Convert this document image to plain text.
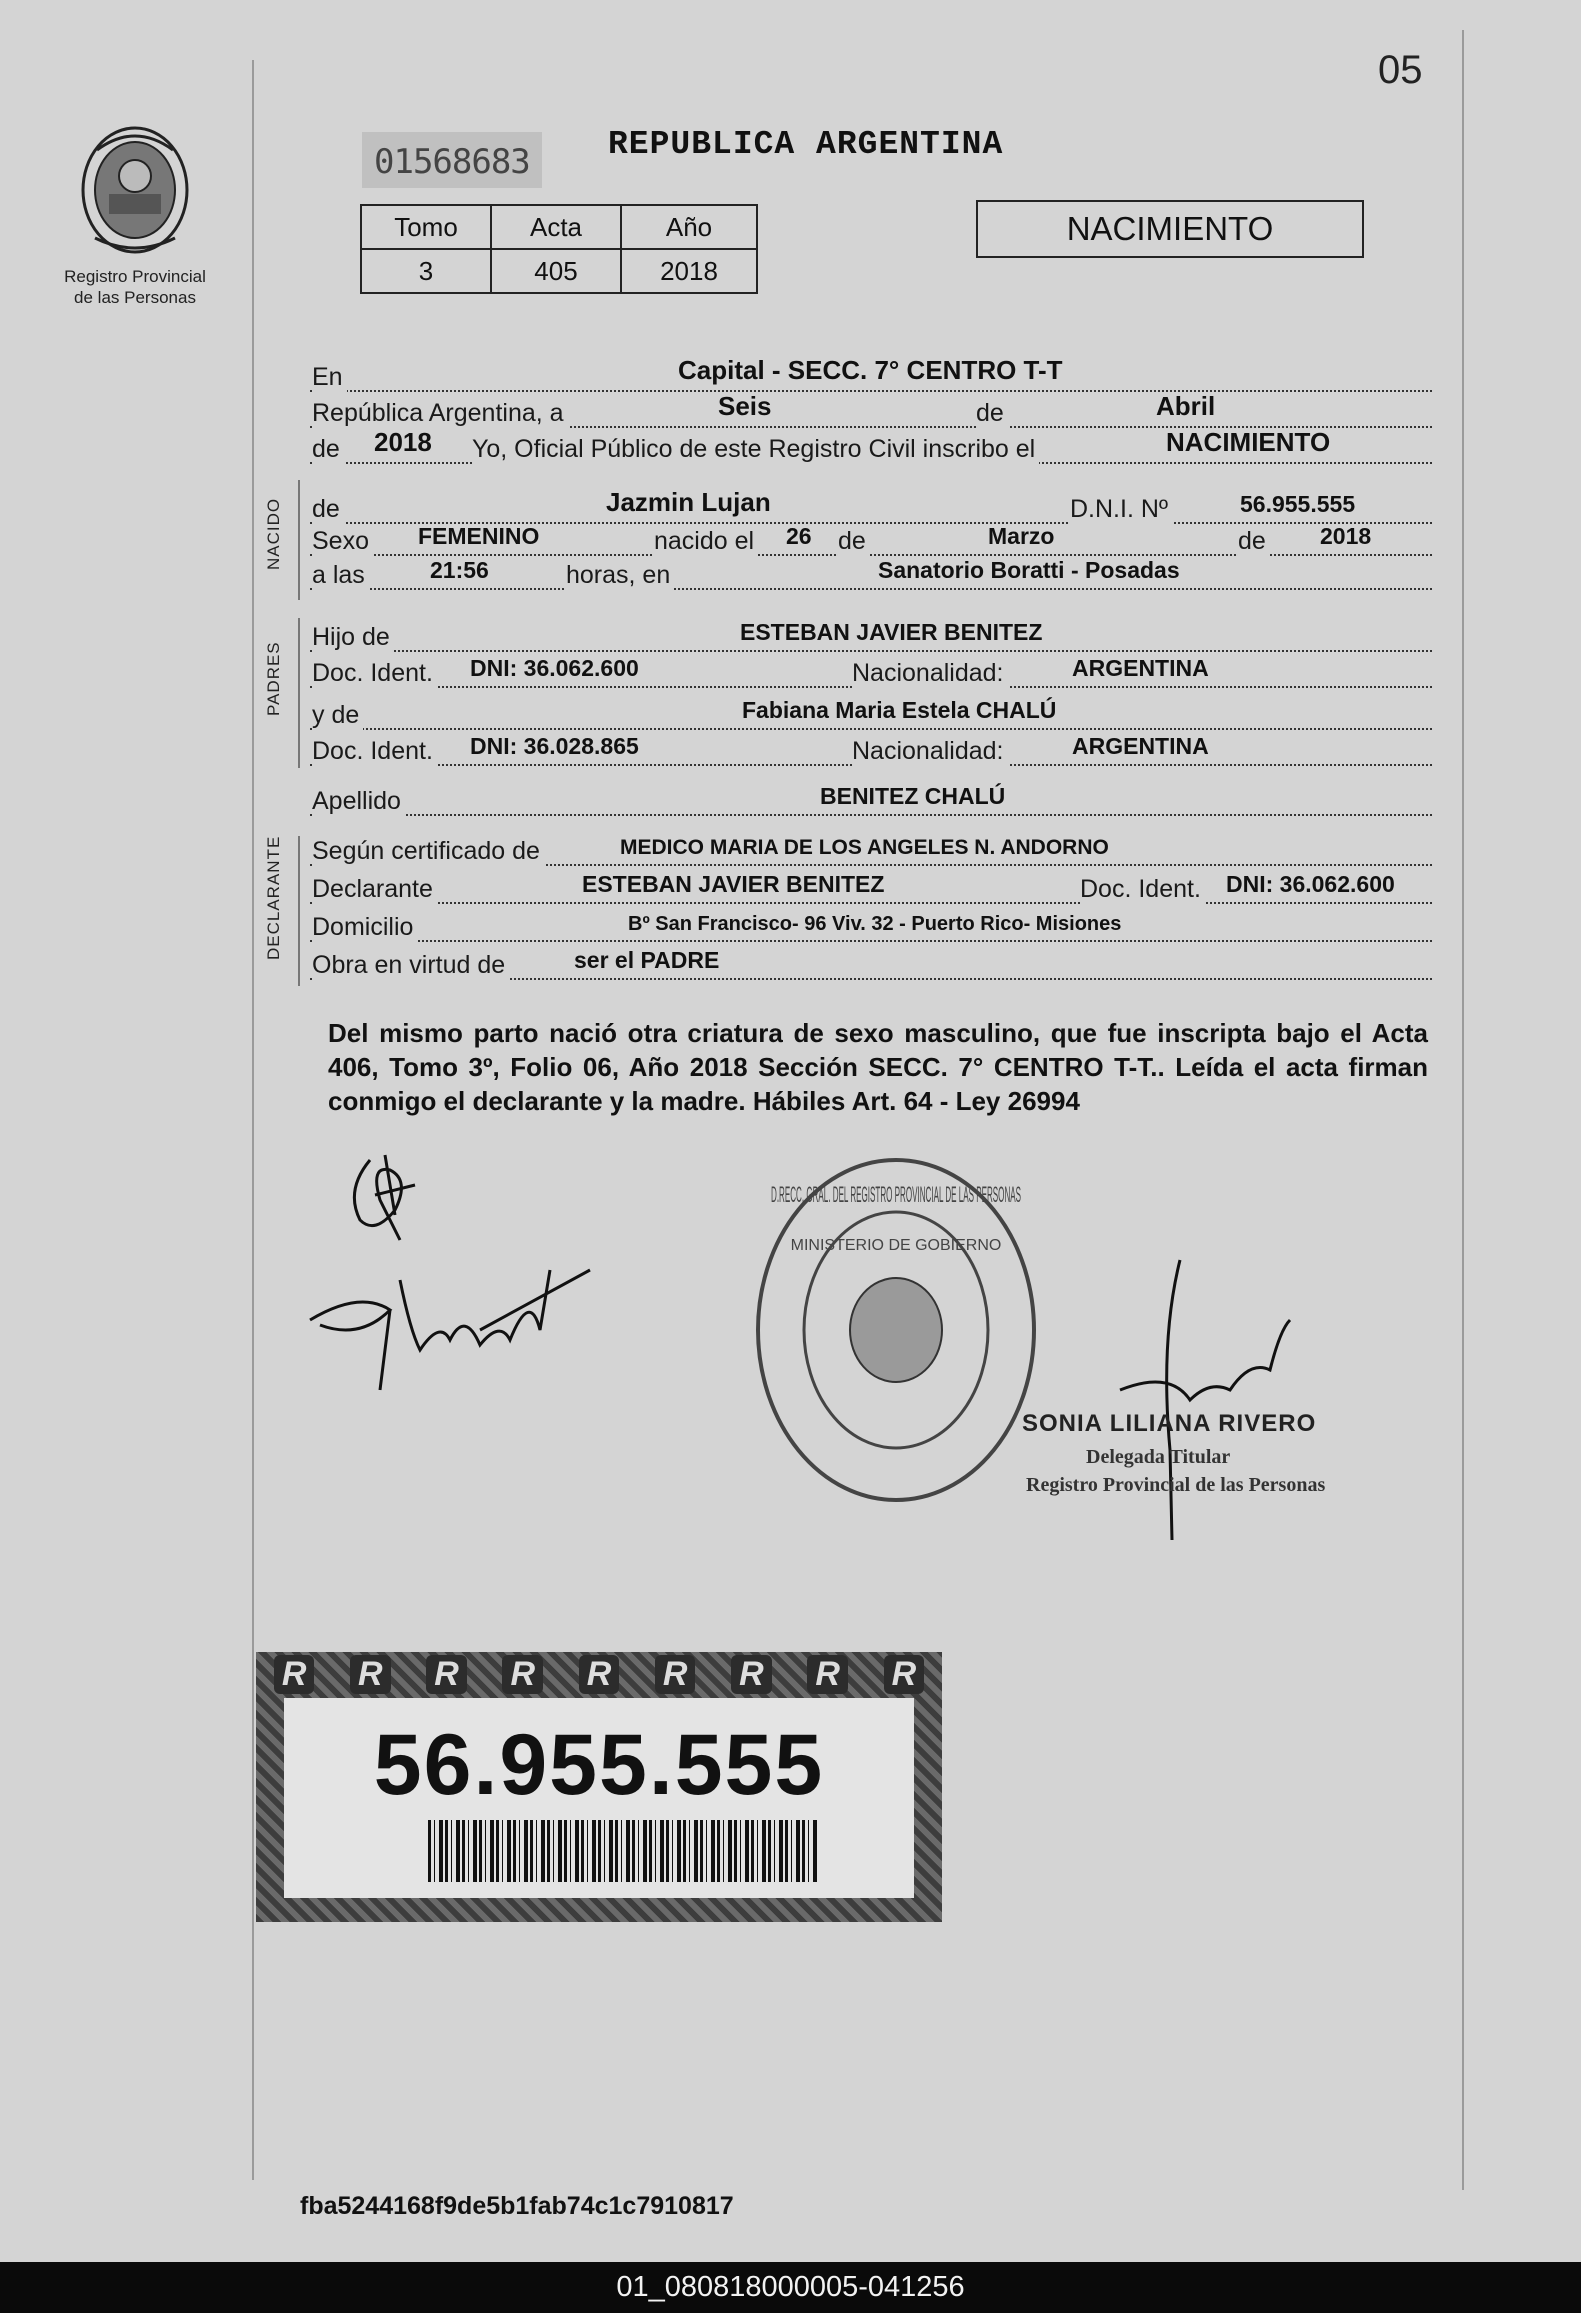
05
Registro Provincial
de las Personas
01568683	REPUBLICA ARGENTINA
Tomo	Acta	Año
3	405	2018
NACIMIENTO
NACIDO
PADRES
DECLARANTE
En	Capital - SECC. 7° CENTRO T-T
República Argentina, a	Seis	de	Abril
de 2018 Yo, Oficial Público de este Registro Civil inscribo el	NACIMIENTO
de	Jazmin Lujan	D.N.I. Nº	56.955.555
Sexo FEMENINO	nacido el 26 de	Marzo	de 2018
a las	21:56	horas, en	Sanatorio Boratti - Posadas
Hijo de	ESTEBAN JAVIER BENITEZ
Doc. Ident. DNI: 36.062.600	Nacionalidad:	ARGENTINA
y de	Fabiana Maria Estela CHALÚ
Doc. Ident. DNI: 36.028.865	Nacionalidad:	ARGENTINA
Apellido	BENITEZ CHALÚ
Según certificado de	MEDICO MARIA DE LOS ANGELES N. ANDORNO
Declarante	ESTEBAN JAVIER BENITEZ	Doc. Ident. DNI: 36.062.600
Domicilio	Bº San Francisco- 96 Viv. 32 - Puerto Rico- Misiones
Obra en virtud de	ser el PADRE
Del mismo parto nació otra criatura de sexo masculino, que fue inscripta bajo el Acta 406, Tomo 3º, Folio 06, Año 2018 Sección SECC. 7° CENTRO T-T.. Leída el acta firman conmigo el declarante y la madre. Hábiles Art. 64 - Ley 26994
D.RECC. GRAL. DEL REGISTRO PROVINCIAL DE LAS PERSONAS
MINISTERIO DE GOBIERNO
SONIA LILIANA RIVERO
Delegada Titular
Registro Provincial de las Personas
R R R R R R R R R
56.955.555
fba5244168f9de5b1fab74c1c7910817
01_080818000005-041256
